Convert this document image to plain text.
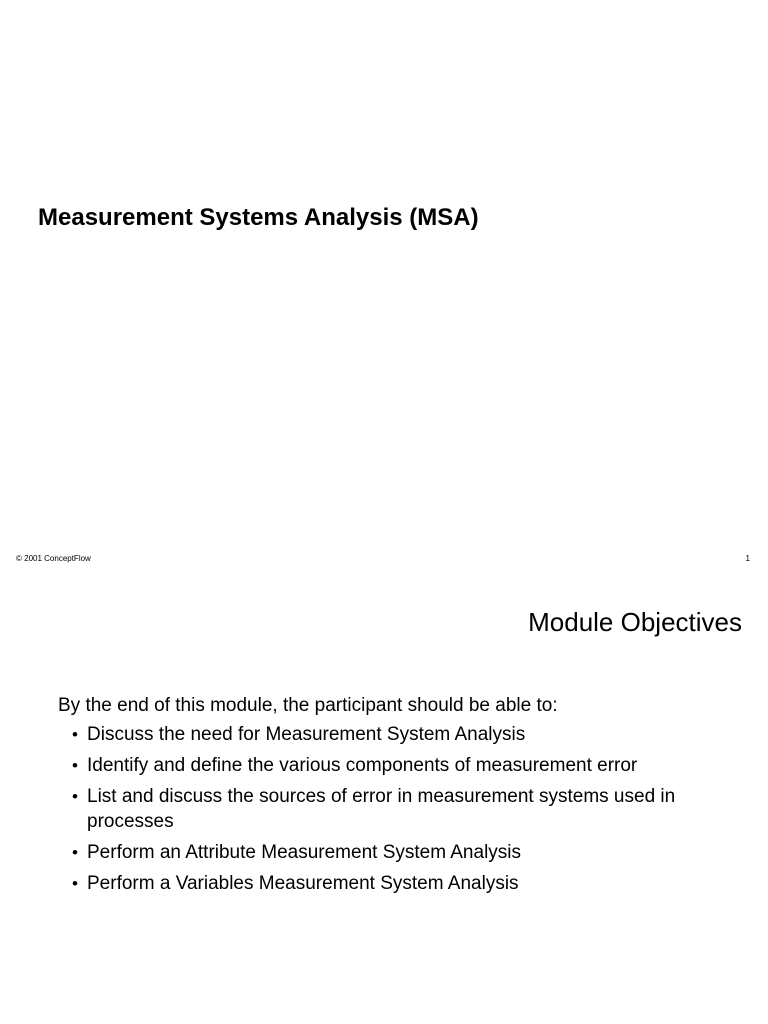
Measurement Systems Analysis (MSA)
© 2001 ConceptFlow	1
Module Objectives
By the end of this module, the participant should be able to:
• Discuss the need for Measurement System Analysis
• Identify and define the various components of measurement error
• List and discuss the sources of error in measurement systems used in processes
• Perform an Attribute Measurement System Analysis
• Perform a Variables Measurement System Analysis
